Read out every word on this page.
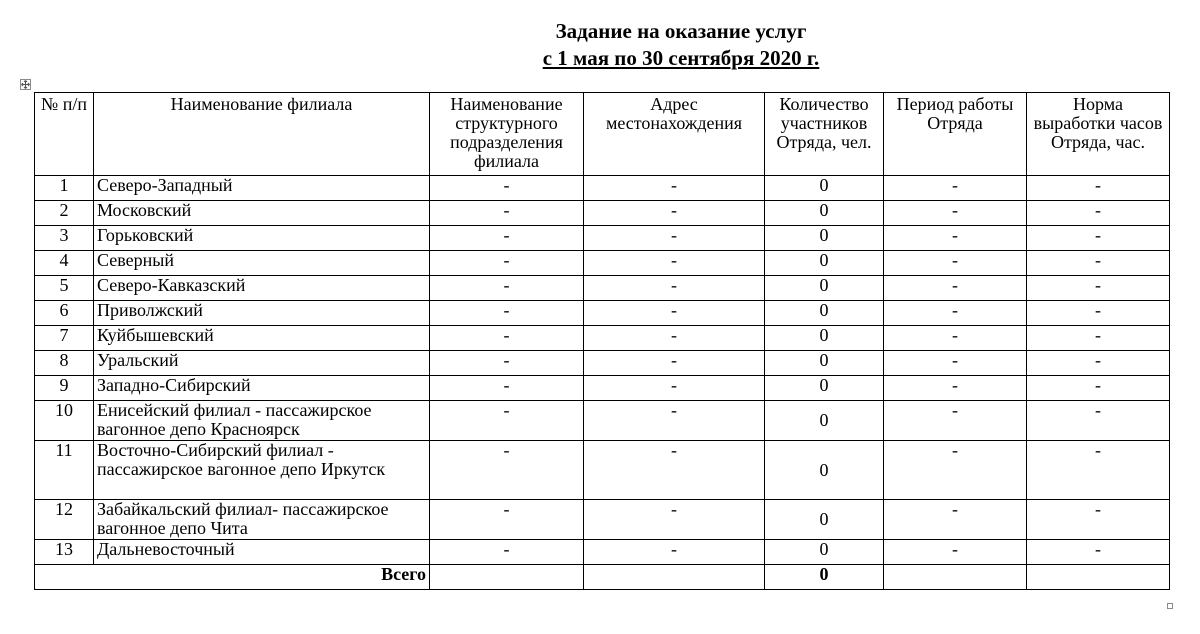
Задание на оказание услуг
с 1 мая по 30 сентября 2020 г.
№ п/п	Наименование филиала	Наименование структурного подразделения филиала	Адрес местонахождения	Количество участников Отряда, чел.	Период работы Отряда	Норма выработки часов Отряда, час.
1	Северо-Западный	-	-	0	-	-
2	Московский	-	-	0	-	-
3	Горьковский	-	-	0	-	-
4	Северный	-	-	0	-	-
5	Северо-Кавказский	-	-	0	-	-
6	Приволжский	-	-	0	-	-
7	Куйбышевский	-	-	0	-	-
8	Уральский	-	-	0	-	-
9	Западно-Сибирский	-	-	0	-	-
10	Енисейский филиал - пассажирское вагонное депо Красноярск	-	-	0	-	-
11	Восточно-Сибирский филиал - пассажирское вагонное депо Иркутск	-	-	0	-	-
12	Забайкальский филиал- пассажирское вагонное депо Чита	-	-	0	-	-
13	Дальневосточный	-	-	0	-	-
Всего				0		
